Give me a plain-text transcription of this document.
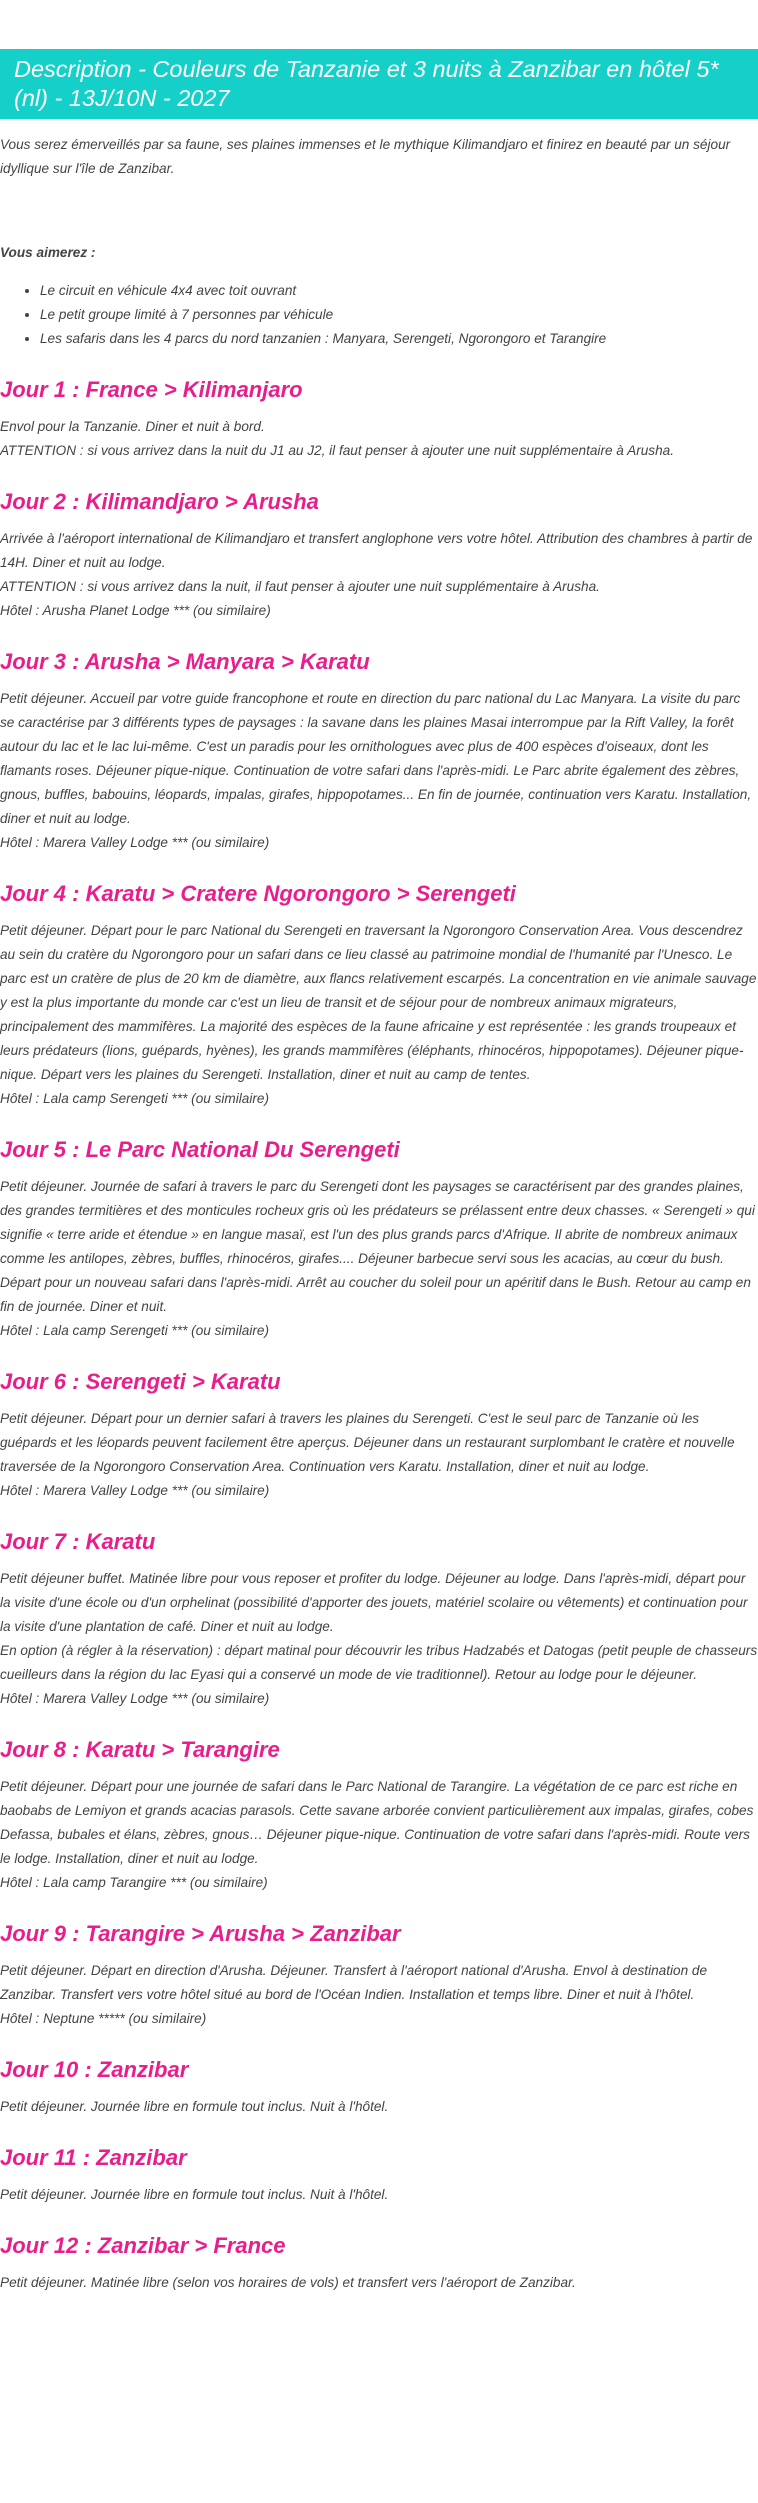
Description - Couleurs de Tanzanie et 3 nuits à Zanzibar en hôtel 5*(nl) - 13J/10N - 2027

Vous serez émerveillés par sa faune, ses plaines immenses et le mythique Kilimandjaro et finirez en beauté par un séjour idyllique sur l'île de Zanzibar.

Vous aimerez :

• Le circuit en véhicule 4x4 avec toit ouvrant
• Le petit groupe limité à 7 personnes par véhicule
• Les safaris dans les 4 parcs du nord tanzanien : Manyara, Serengeti, Ngorongoro et Tarangire
Jour 1 : France > Kilimanjaro

Envol pour la Tanzanie. Diner et nuit à bord.

ATTENTION : si vous arrivez dans la nuit du J1 au J2, il faut penser à ajouter une nuit supplémentaire à Arusha.

Jour 2 : Kilimandjaro > Arusha

Arrivée à l'aéroport international de Kilimandjaro et transfert anglophone vers votre hôtel. Attribution des chambres à partir de 14H. Diner et nuit au lodge.

ATTENTION : si vous arrivez dans la nuit, il faut penser à ajouter une nuit supplémentaire à Arusha.

Hôtel : Arusha Planet Lodge *** (ou similaire)

Jour 3 : Arusha > Manyara > Karatu

Petit déjeuner. Accueil par votre guide francophone et route en direction du parc national du Lac Manyara. La visite du parc se caractérise par 3 différents types de paysages : la savane dans les plaines Masai interrompue par la Rift Valley, la forêt autour du lac et le lac lui-même. C'est un paradis pour les ornithologues avec plus de 400 espèces d'oiseaux, dont les flamants roses. Déjeuner pique-nique. Continuation de votre safari dans l'après-midi. Le Parc abrite également des zèbres, gnous, buffles, babouins, léopards, impalas, girafes, hippopotames... En fin de journée, continuation vers Karatu. Installation, diner et nuit au lodge.

Hôtel : Marera Valley Lodge *** (ou similaire)

Jour 4 : Karatu > Cratere Ngorongoro > Serengeti

Petit déjeuner. Départ pour le parc National du Serengeti en traversant la Ngorongoro Conservation Area. Vous descendrez au sein du cratère du Ngorongoro pour un safari dans ce lieu classé au patrimoine mondial de l'humanité par l'Unesco. Le parc est un cratère de plus de 20 km de diamètre, aux flancs relativement escarpés. La concentration en vie animale sauvage y est la plus importante du monde car c'est un lieu de transit et de séjour pour de nombreux animaux migrateurs, principalement des mammifères. La majorité des espèces de la faune africaine y est représentée : les grands troupeaux et leurs prédateurs (lions, guépards, hyènes), les grands mammifères (éléphants, rhinocéros, hippopotames). Déjeuner pique-nique. Départ vers les plaines du Serengeti. Installation, diner et nuit au camp de tentes.

Hôtel : Lala camp Serengeti *** (ou similaire)

Jour 5 : Le Parc National Du Serengeti

Petit déjeuner. Journée de safari à travers le parc du Serengeti dont les paysages se caractérisent par des grandes plaines, des grandes termitières et des monticules rocheux gris où les prédateurs se prélassent entre deux chasses. « Serengeti » qui signifie « terre aride et étendue » en langue masaï, est l'un des plus grands parcs d'Afrique. Il abrite de nombreux animaux comme les antilopes, zèbres, buffles, rhinocéros, girafes.... Déjeuner barbecue servi sous les acacias, au cœur du bush. Départ pour un nouveau safari dans l'après-midi. Arrêt au coucher du soleil pour un apéritif dans le Bush. Retour au camp en fin de journée. Diner et nuit.

Hôtel : Lala camp Serengeti *** (ou similaire)

Jour 6 : Serengeti > Karatu

Petit déjeuner. Départ pour un dernier safari à travers les plaines du Serengeti. C'est le seul parc de Tanzanie où les guépards et les léopards peuvent facilement être aperçus. Déjeuner dans un restaurant surplombant le cratère et nouvelle traversée de la Ngorongoro Conservation Area. Continuation vers Karatu. Installation, diner et nuit au lodge.

Hôtel : Marera Valley Lodge *** (ou similaire)

Jour 7 : Karatu

Petit déjeuner buffet. Matinée libre pour vous reposer et profiter du lodge. Déjeuner au lodge. Dans l'après-midi, départ pour la visite d'une école ou d'un orphelinat (possibilité d'apporter des jouets, matériel scolaire ou vêtements) et continuation pour la visite d'une plantation de café. Diner et nuit au lodge.

En option (à régler à la réservation) : départ matinal pour découvrir les tribus Hadzabés et Datogas (petit peuple de chasseurs cueilleurs dans la région du lac Eyasi qui a conservé un mode de vie traditionnel). Retour au lodge pour le déjeuner.

Hôtel : Marera Valley Lodge *** (ou similaire)

Jour 8 : Karatu > Tarangire

Petit déjeuner. Départ pour une journée de safari dans le Parc National de Tarangire. La végétation de ce parc est riche en baobabs de Lemiyon et grands acacias parasols. Cette savane arborée convient particulièrement aux impalas, girafes, cobes Defassa, bubales et élans, zèbres, gnous… Déjeuner pique-nique. Continuation de votre safari dans l'après-midi. Route vers le lodge. Installation, diner et nuit au lodge.

Hôtel : Lala camp Tarangire *** (ou similaire)

Jour 9 : Tarangire > Arusha > Zanzibar

Petit déjeuner. Départ en direction d'Arusha. Déjeuner. Transfert à l'aéroport national d'Arusha. Envol à destination de Zanzibar. Transfert vers votre hôtel situé au bord de l'Océan Indien. Installation et temps libre. Diner et nuit à l'hôtel.

Hôtel : Neptune ***** (ou similaire)

Jour 10 : Zanzibar

Petit déjeuner. Journée libre en formule tout inclus. Nuit à l'hôtel.

Jour 11 : Zanzibar

Petit déjeuner. Journée libre en formule tout inclus. Nuit à l'hôtel.

Jour 12 : Zanzibar > France

Petit déjeuner. Matinée libre (selon vos horaires de vols) et transfert vers l'aéroport de Zanzibar.
